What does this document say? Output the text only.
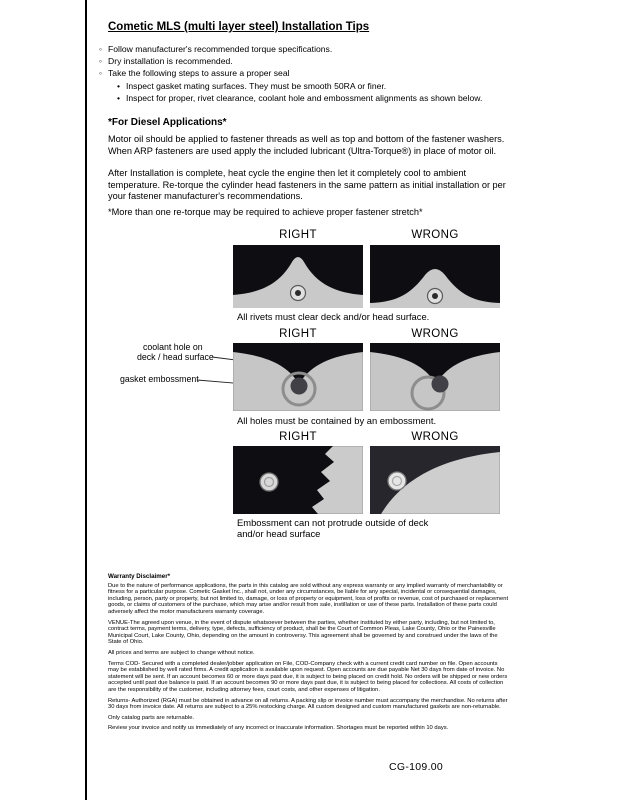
Cometic MLS (multi layer steel) Installation Tips
◦ Follow manufacturer's recommended torque specifications.
◦ Dry installation is recommended.
◦ Take the following steps to assure a proper seal
• Inspect gasket mating surfaces. They must be smooth 50RA or finer.
• Inspect for proper, rivet clearance, coolant hole and embossment alignments as shown below.
*For Diesel Applications*
Motor oil should be applied to fastener threads as well as top and bottom of the fastener washers. When ARP fasteners are used apply the included lubricant (Ultra-Torque®) in place of motor oil.
After Installation is complete, heat cycle the engine then let it completely cool to ambient temperature. Re-torque the cylinder head fasteners in the same pattern as initial installation or per your fastener manufacturer's recommendations.
*More than one re-torque may be required to achieve proper fastener stretch*
RIGHT	WRONG
All rivets must clear deck and/or head surface.
RIGHT	WRONG
coolant hole on
deck / head surface
gasket embossment
All holes must be contained by an embossment.
RIGHT	WRONG
Embossment can not protrude outside of deck and/or head surface
Warranty Disclaimer*

Due to the nature of performance applications, the parts in this catalog are sold without any express warranty or any implied warranty of merchantability or fitness for a particular purpose. Cometic Gasket Inc., shall not, under any circumstances, be liable for any special, incidental or consequential damages, including, person, party or property, but not limited to, damage, or loss of property or equipment, loss of profits or revenue, cost of purchased or replacement goods, or claims of customers of the purchase, which may arise and/or result from sale, instillation or use of these parts. Installation of these parts could adversely affect the motor manufacturers warranty coverage.

VENUE-The agreed upon venue, in the event of dispute whatsoever between the parties, whether instituted by either party, including, but not limited to, contract terms, payment terms, delivery, type, defects, sufficiency of product, shall be the Court of Common Pleas, Lake County, Ohio or the Painesville Municipal Court, Lake County, Ohio, depending on the amount in controversy. This agreement shall be governed by and construed under the laws of the State of Ohio.

All prices and terms are subject to change without notice.

Terms COD- Secured with a completed dealer/jobber application on File, COD-Company check with a current credit card number on file. Open accounts may be established by well rated firms. A credit application is available upon request. Open accounts are due payable Net 30 days from date of invoice. No statement will be sent. If an account becomes 60 or more days past due, it is subject to being placed on credit hold. No orders will be shipped or new orders accepted until past due balance is paid. If an account becomes 90 or more days past due, it is subject to being placed for collections. All costs of collection are the responsibility of the customer, including attorney fees, court costs, and other expenses of litigation.

Returns- Authorized (RGA) must be obtained in advance on all returns. A packing slip or invoice number must accompany the merchandise. No returns after 30 days from invoice date. All returns are subject to a 25% restocking charge. All custom designed and custom manufactured gaskets are non-returnable.

Only catalog parts are returnable.

Review your invoice and notify us immediately of any incorrect or inaccurate information. Shortages must be reported within 10 days.

CG-109.00
